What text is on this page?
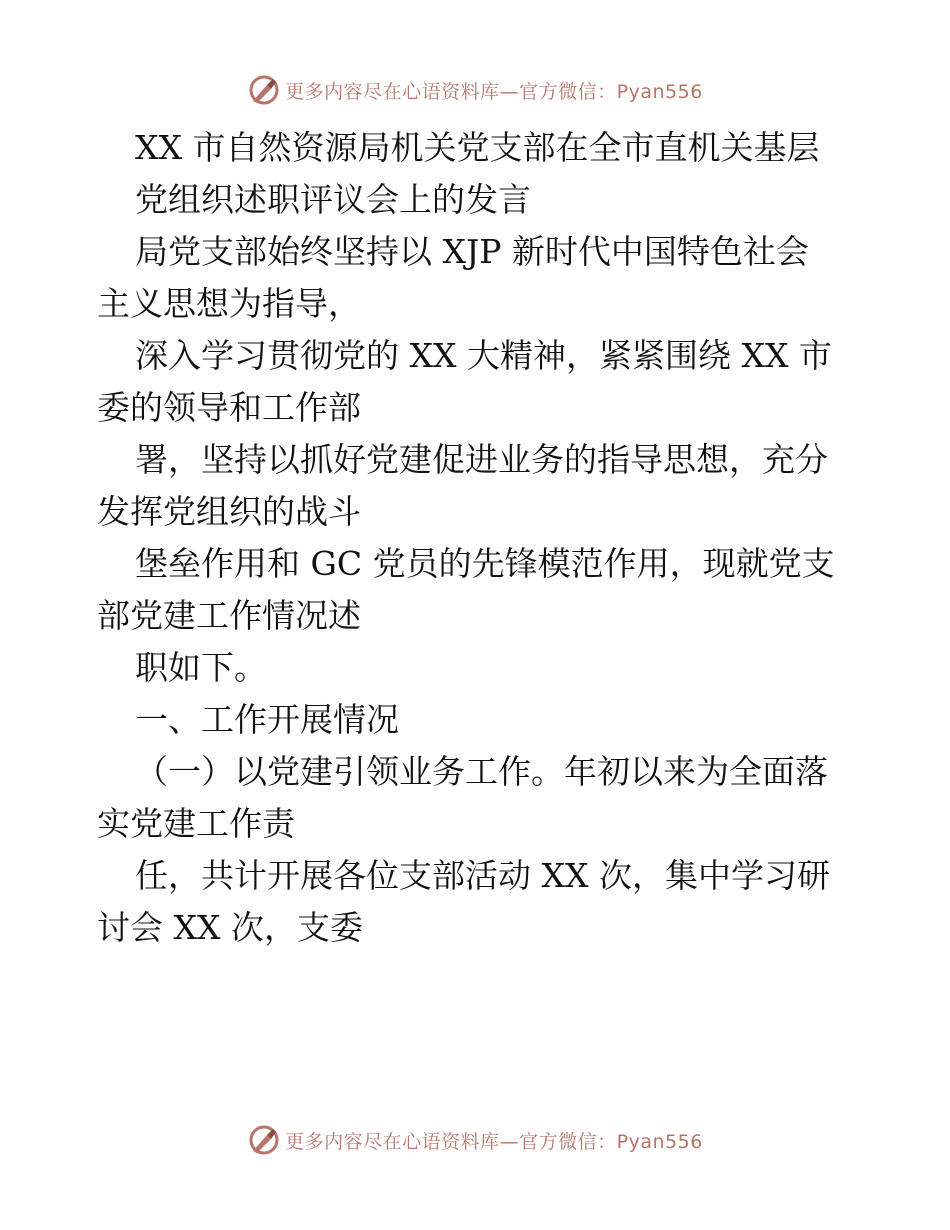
更多内容尽在心语资料库—官方微信：Pyan556
XX 市自然资源局机关党支部在全市直机关基层
党组织述职评议会上的发言
局党支部始终坚持以 XJP 新时代中国特色社会
主义思想为指导，
深入学习贯彻党的 XX 大精神，紧紧围绕 XX 市
委的领导和工作部
署，坚持以抓好党建促进业务的指导思想，充分
发挥党组织的战斗
堡垒作用和 GC 党员的先锋模范作用，现就党支
部党建工作情况述
职如下。
一、工作开展情况
（一）以党建引领业务工作。年初以来为全面落
实党建工作责
任，共计开展各位支部活动 XX 次，集中学习研
讨会 XX 次，支委
更多内容尽在心语资料库—官方微信：Pyan556
